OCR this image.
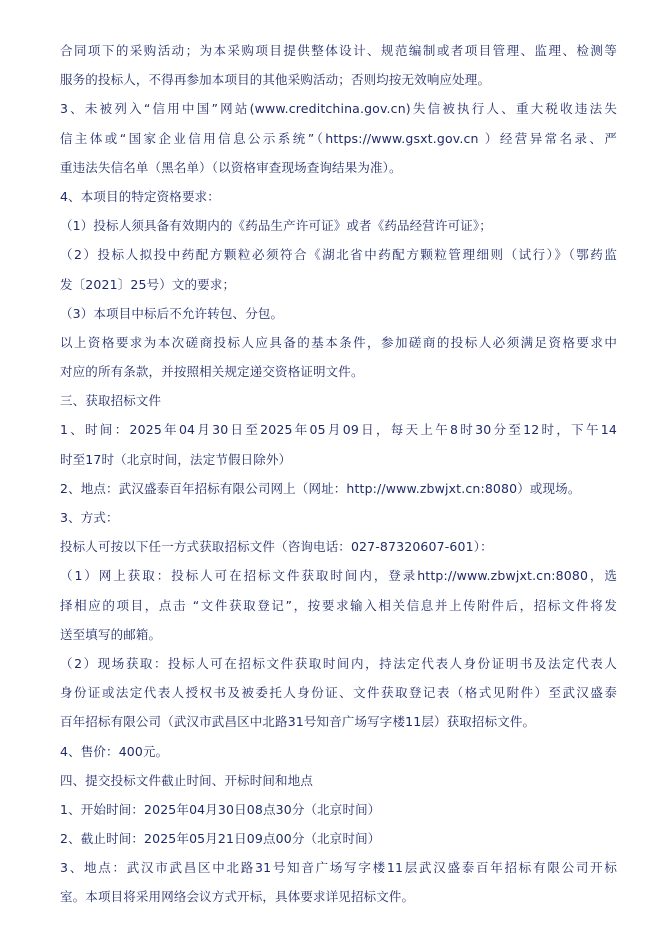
合同项下的采购活动；为本采购项目提供整体设计、规范编制或者项目管理、监理、检测等
服务的投标人，不得再参加本项目的其他采购活动；否则均按无效响应处理。
3、未被列入“信用中国”网站(www.creditchina.gov.cn)失信被执行人、重大税收违法失
信主体或“国家企业信用信息公示系统”（https://www.gsxt.gov.cn ）经营异常名录、严
重违法失信名单（黑名单）（以资格审查现场查询结果为准）。
4、本项目的特定资格要求：
（1）投标人须具备有效期内的《药品生产许可证》或者《药品经营许可证》；
（2）投标人拟投中药配方颗粒必须符合《湖北省中药配方颗粒管理细则（试行）》（鄂药监
发〔2021〕25号）文的要求；
（3）本项目中标后不允许转包、分包。
以上资格要求为本次磋商投标人应具备的基本条件，参加磋商的投标人必须满足资格要求中
对应的所有条款，并按照相关规定递交资格证明文件。
三、获取招标文件
1、时间：2025年04月30日至2025年05月09日，每天上午8时30分至12时，下午14
时至17时（北京时间，法定节假日除外）
2、地点：武汉盛泰百年招标有限公司网上（网址：http://www.zbwjxt.cn:8080）或现场。
3、方式：
投标人可按以下任一方式获取招标文件（咨询电话：027-87320607-601）：
（1）网上获取：投标人可在招标文件获取时间内，登录http://www.zbwjxt.cn:8080，选
择相应的项目，点击 “文件获取登记”，按要求输入相关信息并上传附件后，招标文件将发
送至填写的邮箱。
（2）现场获取：投标人可在招标文件获取时间内，持法定代表人身份证明书及法定代表人
身份证或法定代表人授权书及被委托人身份证、文件获取登记表（格式见附件）至武汉盛泰
百年招标有限公司（武汉市武昌区中北路31号知音广场写字楼11层）获取招标文件。
4、售价：400元。
四、提交投标文件截止时间、开标时间和地点
1、开始时间：2025年04月30日08点30分（北京时间）
2、截止时间：2025年05月21日09点00分（北京时间）
3、地点：武汉市武昌区中北路31号知音广场写字楼11层武汉盛泰百年招标有限公司开标
室。本项目将采用网络会议方式开标，具体要求详见招标文件。
